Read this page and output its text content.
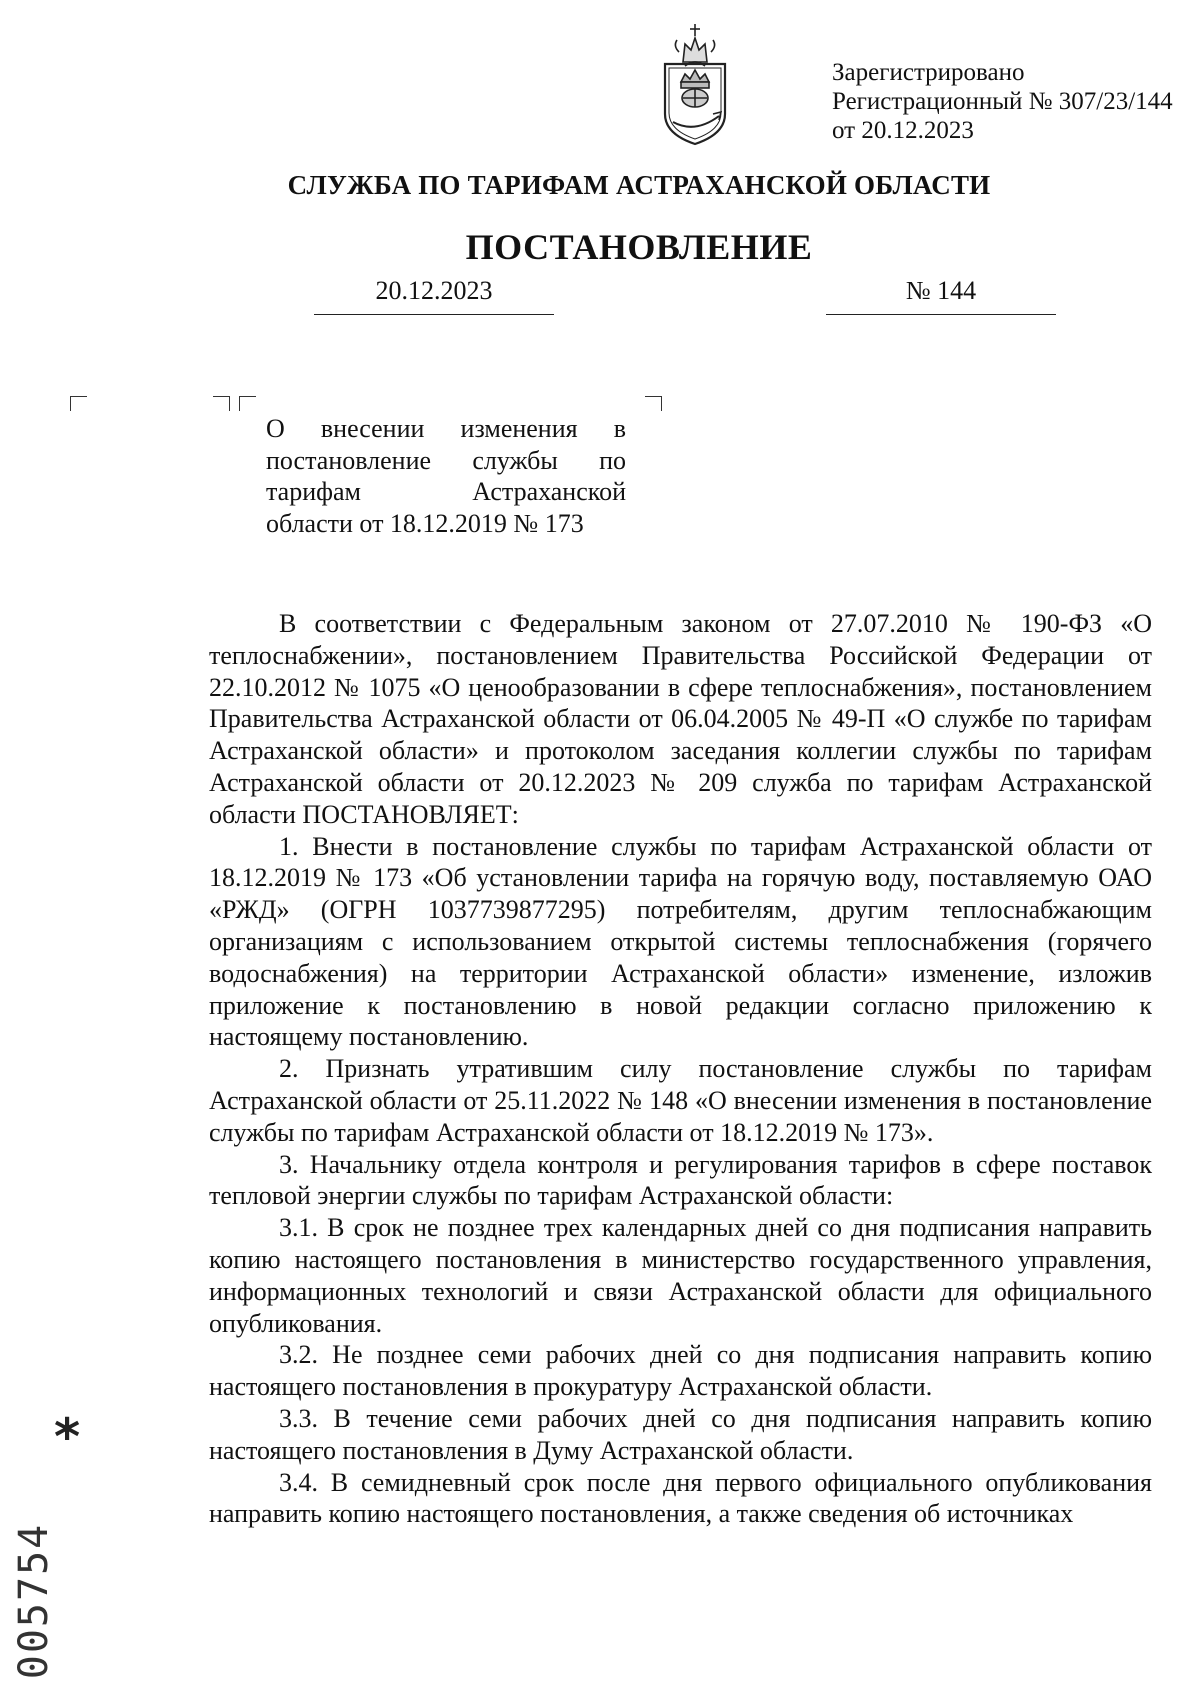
Зарегистрировано
Регистрационный № 307/23/144
от 20.12.2023
СЛУЖБА ПО ТАРИФАМ АСТРАХАНСКОЙ ОБЛАСТИ
ПОСТАНОВЛЕНИЕ
20.12.2023	№ 144
О внесении изменения в
постановление службы по
тарифам Астраханской
области от 18.12.2019 № 173

В соответствии с Федеральным законом от 27.07.2010 № 190-ФЗ «О теплоснабжении», постановлением Правительства Российской Федерации от 22.10.2012 № 1075 «О ценообразовании в сфере теплоснабжения», постановлением Правительства Астраханской области от 06.04.2005 № 49-П «О службе по тарифам Астраханской области» и протоколом заседания коллегии службы по тарифам Астраханской области от 20.12.2023 № 209 служба по тарифам Астраханской области ПОСТАНОВЛЯЕТ:

1. Внести в постановление службы по тарифам Астраханской области от 18.12.2019 № 173 «Об установлении тарифа на горячую воду, поставляемую ОАО «РЖД» (ОГРН 1037739877295) потребителям, другим теплоснабжающим организациям с использованием открытой системы теплоснабжения (горячего водоснабжения) на территории Астраханской области» изменение, изложив приложение к постановлению в новой редакции согласно приложению к настоящему постановлению.

2. Признать утратившим силу постановление службы по тарифам Астраханской области от 25.11.2022 № 148 «О внесении изменения в постановление службы по тарифам Астраханской области от 18.12.2019 № 173».

3. Начальнику отдела контроля и регулирования тарифов в сфере поставок тепловой энергии службы по тарифам Астраханской области:

3.1. В срок не позднее трех календарных дней со дня подписания направить копию настоящего постановления в министерство государственного управления, информационных технологий и связи Астраханской области для официального опубликования.

3.2. Не позднее семи рабочих дней со дня подписания направить копию настоящего постановления в прокуратуру Астраханской области.

3.3. В течение семи рабочих дней со дня подписания направить копию настоящего постановления в Думу Астраханской области.

3.4. В семидневный срок после дня первого официального опубликования направить копию настоящего постановления, а также сведения об источниках

*
005754
